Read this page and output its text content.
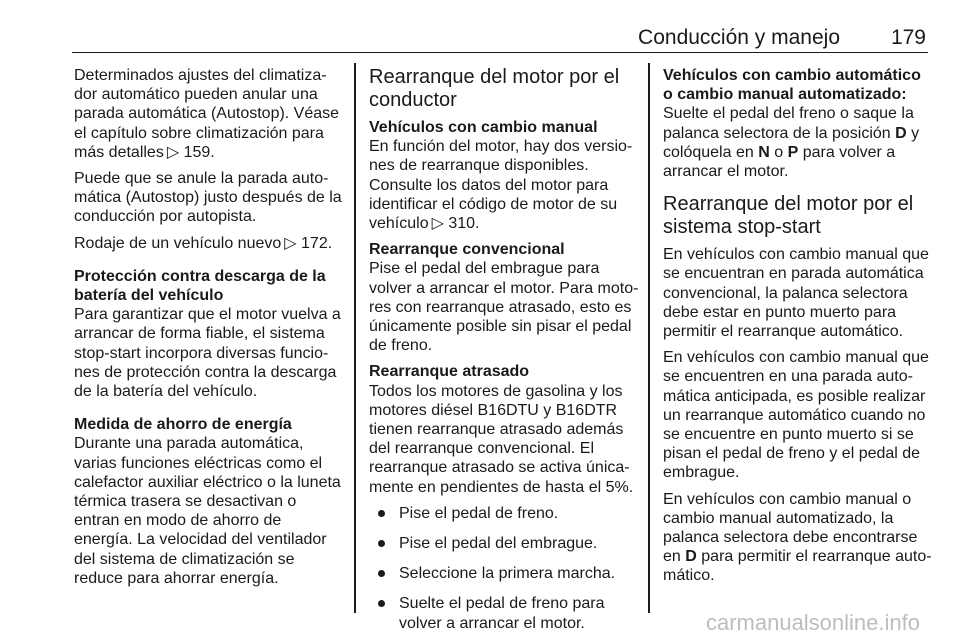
Conducción y manejo 179

Determinados ajustes del climatiza-dor automático pueden anular una parada automática (Autostop). Véase el capítulo sobre climatización para más detalles ▷ 159.

Puede que se anule la parada auto-mática (Autostop) justo después de la conducción por autopista.

Rodaje de un vehículo nuevo ▷ 172.

Protección contra descarga de la batería del vehículo

Para garantizar que el motor vuelva a arrancar de forma fiable, el sistema stop-start incorpora diversas funcio-nes de protección contra la descarga de la batería del vehículo.

Medida de ahorro de energía

Durante una parada automática, varias funciones eléctricas como el calefactor auxiliar eléctrico o la luneta térmica trasera se desactivan o entran en modo de ahorro de energía. La velocidad del ventilador del sistema de climatización se reduce para ahorrar energía.

Rearranque del motor por el conductor

Vehículos con cambio manual

En función del motor, hay dos versio-nes de rearranque disponibles. Consulte los datos del motor para identificar el código de motor de su vehículo ▷ 310.

Rearranque convencional

Pise el pedal del embrague para volver a arrancar el motor. Para moto-res con rearranque atrasado, esto es únicamente posible sin pisar el pedal de freno.

Rearranque atrasado

Todos los motores de gasolina y los motores diésel B16DTU y B16DTR tienen rearranque atrasado además del rearranque convencional. El rearranque atrasado se activa única-mente en pendientes de hasta el 5%.

Pise el pedal de freno.
Pise el pedal del embrague.
Seleccione la primera marcha.
Suelte el pedal de freno para volver a arrancar el motor.

Vehículos con cambio automático o cambio manual automatizado:

Suelte el pedal del freno o saque la palanca selectora de la posición D y colóquela en N o P para volver a arrancar el motor.

Rearranque del motor por el sistema stop-start

En vehículos con cambio manual que se encuentran en parada automática convencional, la palanca selectora debe estar en punto muerto para permitir el rearranque automático.

En vehículos con cambio manual que se encuentren en una parada auto-mática anticipada, es posible realizar un rearranque automático cuando no se encuentre en punto muerto si se pisan el pedal de freno y el pedal de embrague.

En vehículos con cambio manual o cambio manual automatizado, la palanca selectora debe encontrarse en D para permitir el rearranque auto-mático.

carmanualsonline.info
